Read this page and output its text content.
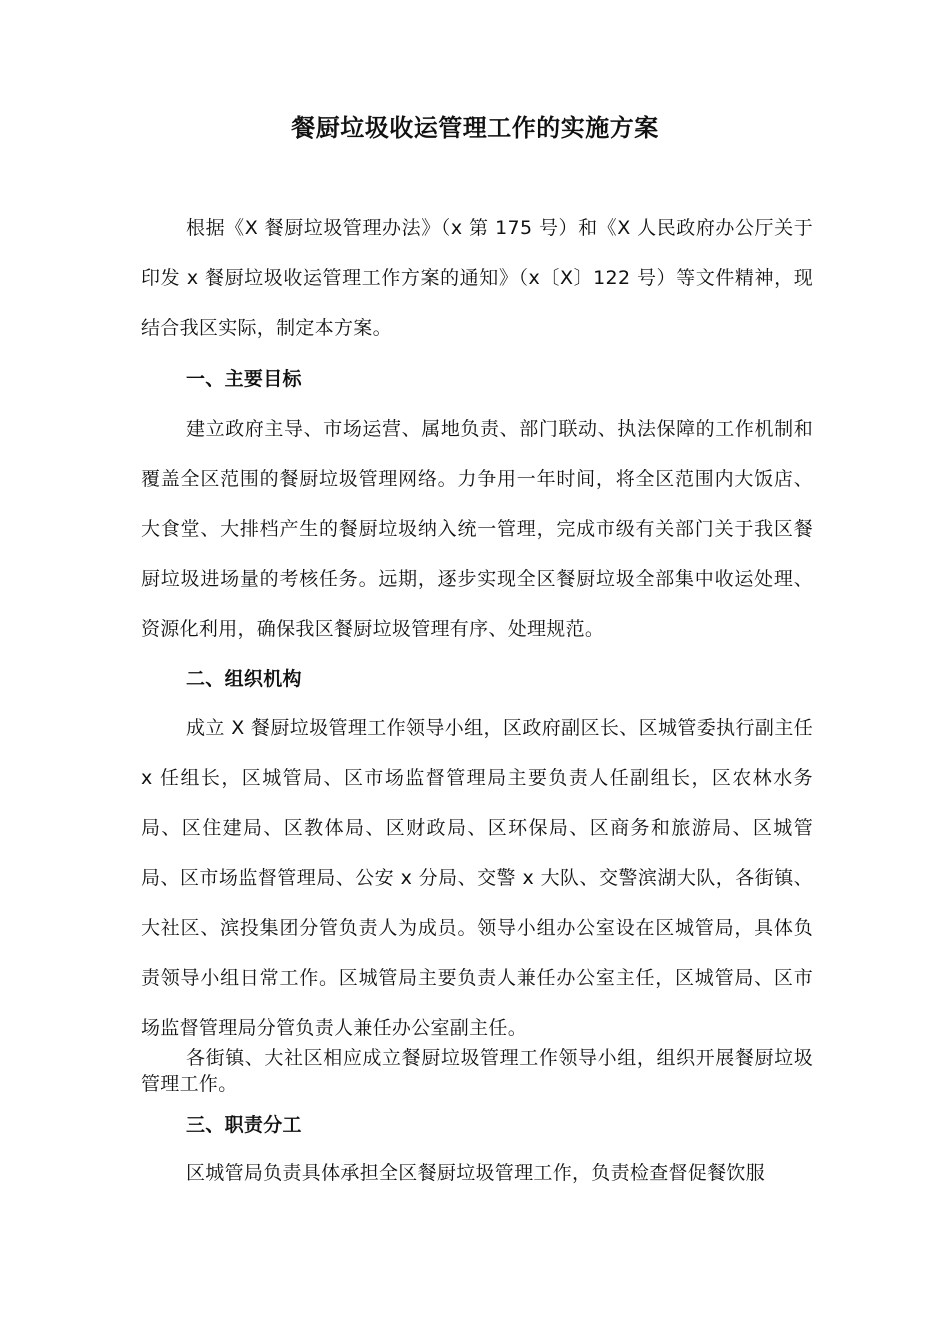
餐厨垃圾收运管理工作的实施方案
根据《X 餐厨垃圾管理办法》（x 第 175 号）和《X 人民政府办公厅关于印发 x 餐厨垃圾收运管理工作方案的通知》（x〔X〕122 号）等文件精神，现结合我区实际，制定本方案。
一、主要目标
建立政府主导、市场运营、属地负责、部门联动、执法保障的工作机制和覆盖全区范围的餐厨垃圾管理网络。力争用一年时间，将全区范围内大饭店、大食堂、大排档产生的餐厨垃圾纳入统一管理，完成市级有关部门关于我区餐厨垃圾进场量的考核任务。远期，逐步实现全区餐厨垃圾全部集中收运处理、资源化利用，确保我区餐厨垃圾管理有序、处理规范。
二、组织机构
成立 X 餐厨垃圾管理工作领导小组，区政府副区长、区城管委执行副主任 x 任组长，区城管局、区市场监督管理局主要负责人任副组长，区农林水务局、区住建局、区教体局、区财政局、区环保局、区商务和旅游局、区城管局、区市场监督管理局、公安 x 分局、交警 x 大队、交警滨湖大队，各街镇、大社区、滨投集团分管负责人为成员。领导小组办公室设在区城管局，具体负责领导小组日常工作。区城管局主要负责人兼任办公室主任，区城管局、区市场监督管理局分管负责人兼任办公室副主任。
各街镇、大社区相应成立餐厨垃圾管理工作领导小组，组织开展餐厨垃圾管理工作。
三、职责分工
区城管局负责具体承担全区餐厨垃圾管理工作，负责检查督促餐饮服
